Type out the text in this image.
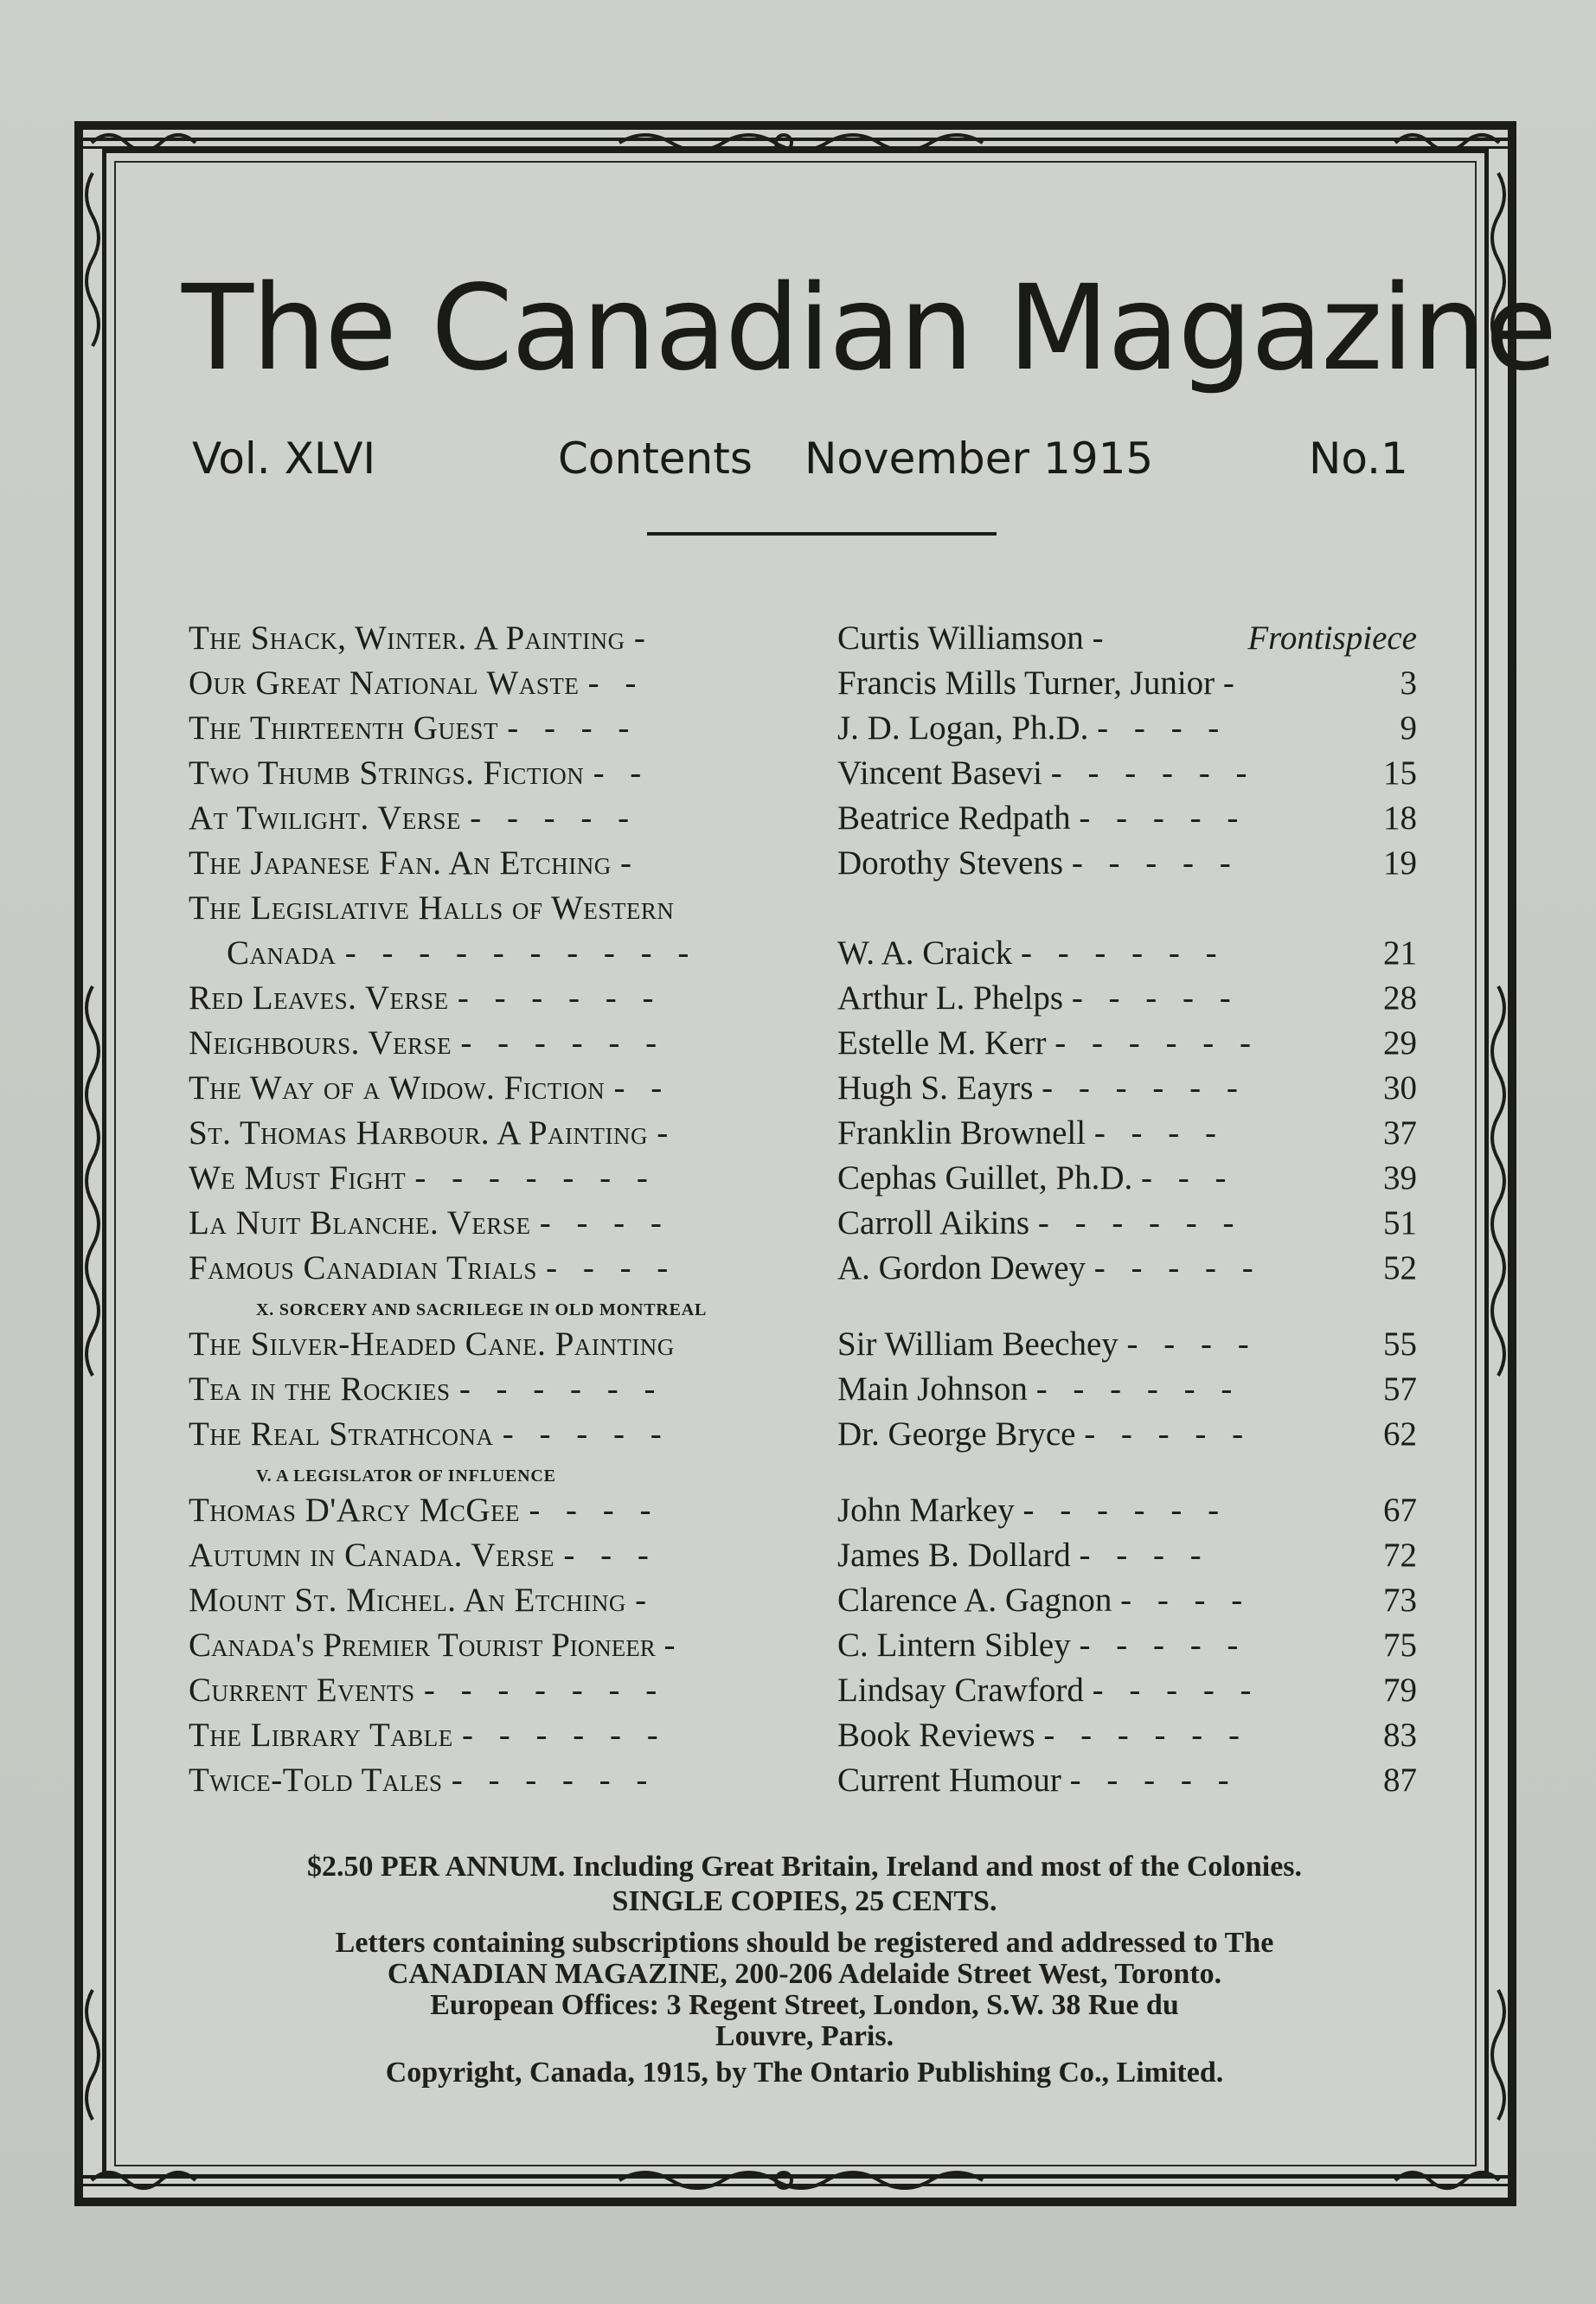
The Canadian Magazine
Vol. XLVI	Contents November 1915	No.1
The Shack, Winter. A Painting -	Curtis Williamson -	Frontispiece
Our Great National Waste - -	Francis Mills Turner, Junior -	3
The Thirteenth Guest - - - -	J. D. Logan, Ph.D. - - - -	9
Two Thumb Strings. Fiction - -	Vincent Basevi - - - - - -	15
At Twilight. Verse - - - - -	Beatrice Redpath - - - - -	18
The Japanese Fan. An Etching -	Dorothy Stevens - - - - -	19
The Legislative Halls of Western
Canada - - - - - - - - - -	W. A. Craick - - - - - -	21
Red Leaves. Verse - - - - - -	Arthur L. Phelps - - - - -	28
Neighbours. Verse - - - - - -	Estelle M. Kerr - - - - - -	29
The Way of a Widow. Fiction - -	Hugh S. Eayrs - - - - - -	30
St. Thomas Harbour. A Painting -	Franklin Brownell - - - -	37
We Must Fight - - - - - - -	Cephas Guillet, Ph.D. - - -	39
La Nuit Blanche. Verse - - - -	Carroll Aikins - - - - - -	51
Famous Canadian Trials - - - -	A. Gordon Dewey - - - - -	52
X. SORCERY AND SACRILEGE IN OLD MONTREAL
The Silver-Headed Cane. Painting	Sir William Beechey - - - -	55
Tea in the Rockies - - - - - -	Main Johnson - - - - - -	57
The Real Strathcona - - - - -	Dr. George Bryce - - - - -	62
V. A LEGISLATOR OF INFLUENCE
Thomas D'Arcy McGee - - - -	John Markey - - - - - -	67
Autumn in Canada. Verse - - -	James B. Dollard - - - -	72
Mount St. Michel. An Etching -	Clarence A. Gagnon - - - -	73
Canada's Premier Tourist Pioneer -	C. Lintern Sibley - - - - -	75
Current Events - - - - - - -	Lindsay Crawford - - - - -	79
The Library Table - - - - - -	Book Reviews - - - - - -	83
Twice-Told Tales - - - - - -	Current Humour - - - - -	87
$2.50 PER ANNUM. Including Great Britain, Ireland and most of the Colonies.
SINGLE COPIES, 25 CENTS.
Letters containing subscriptions should be registered and addressed to The
CANADIAN MAGAZINE, 200-206 Adelaide Street West, Toronto.
European Offices: 3 Regent Street, London, S.W. 38 Rue du
Louvre, Paris.
Copyright, Canada, 1915, by The Ontario Publishing Co., Limited.
